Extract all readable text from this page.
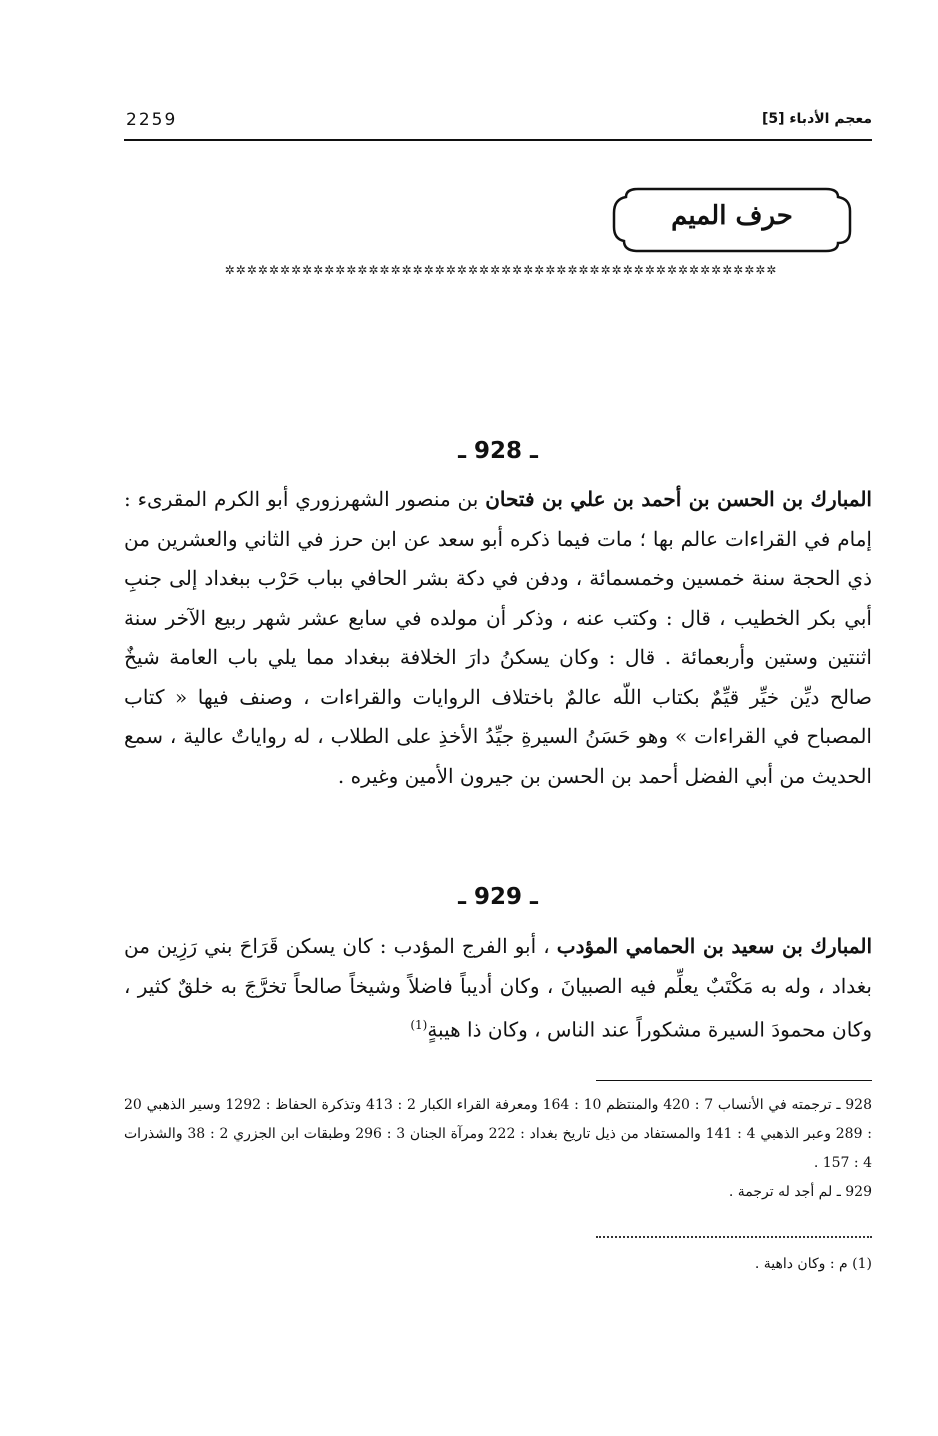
2259	معجم الأدباء [5]
حرف الميم
✲✲✲✲✲✲✲✲✲✲✲✲✲✲✲✲✲✲✲✲✲✲✲✲✲✲✲✲✲✲✲✲✲✲✲✲✲✲✲✲✲✲✲✲✲✲✲✲✲✲
ـ 928 ـ
المبارك بن الحسن بن أحمد بن علي بن فتحان بن منصور الشهرزوري أبو الكرم المقرىء : إمام في القراءات عالم بها ؛ مات فيما ذكره أبو سعد عن ابن حرز في الثاني والعشرين من ذي الحجة سنة خمسين وخمسمائة ، ودفن في دكة بشر الحافي بباب حَرْب ببغداد إلى جنبِ أبي بكر الخطيب ، قال : وكتب عنه ، وذكر أن مولده في سابع عشر شهر ربيع الآخر سنة اثنتين وستين وأربعمائة . قال : وكان يسكنُ دارَ الخلافة ببغداد مما يلي باب العامة شيخٌ صالح ديِّن خيِّر قيِّمٌ بكتاب اللّه عالمٌ باختلاف الروايات والقراءات ، وصنف فيها « كتاب المصباح في القراءات » وهو حَسَنُ السيرةِ جيِّدُ الأخذِ على الطلاب ، له رواياتٌ عالية ، سمع الحديث من أبي الفضل أحمد بن الحسن بن جيرون الأمين وغيره .
ـ 929 ـ
المبارك بن سعيد بن الحمامي المؤدب ، أبو الفرج المؤدب : كان يسكن قَرَاحَ بني رَزِين من بغداد ، وله به مَكْتَبٌ يعلِّم فيه الصبيانَ ، وكان أديباً فاضلاً وشيخاً صالحاً تخرَّجَ به خلقٌ كثير ، وكان محمودَ السيرة مشكوراً عند الناس ، وكان ذا هيبةٍ$^{(1)}$

928 ـ ترجمته في الأنساب 7 : 420 والمنتظم 10 : 164 ومعرفة القراء الكبار 2 : 413 وتذكرة الحفاظ : 1292 وسير الذهبي 20 : 289 وعبر الذهبي 4 : 141 والمستفاد من ذيل تاريخ بغداد : 222 ومرآة الجنان 3 : 296 وطبقات ابن الجزري 2 : 38 والشذرات 4 : 157 .

929 ـ لم أجد له ترجمة .

(1) م : وكان داهية .
